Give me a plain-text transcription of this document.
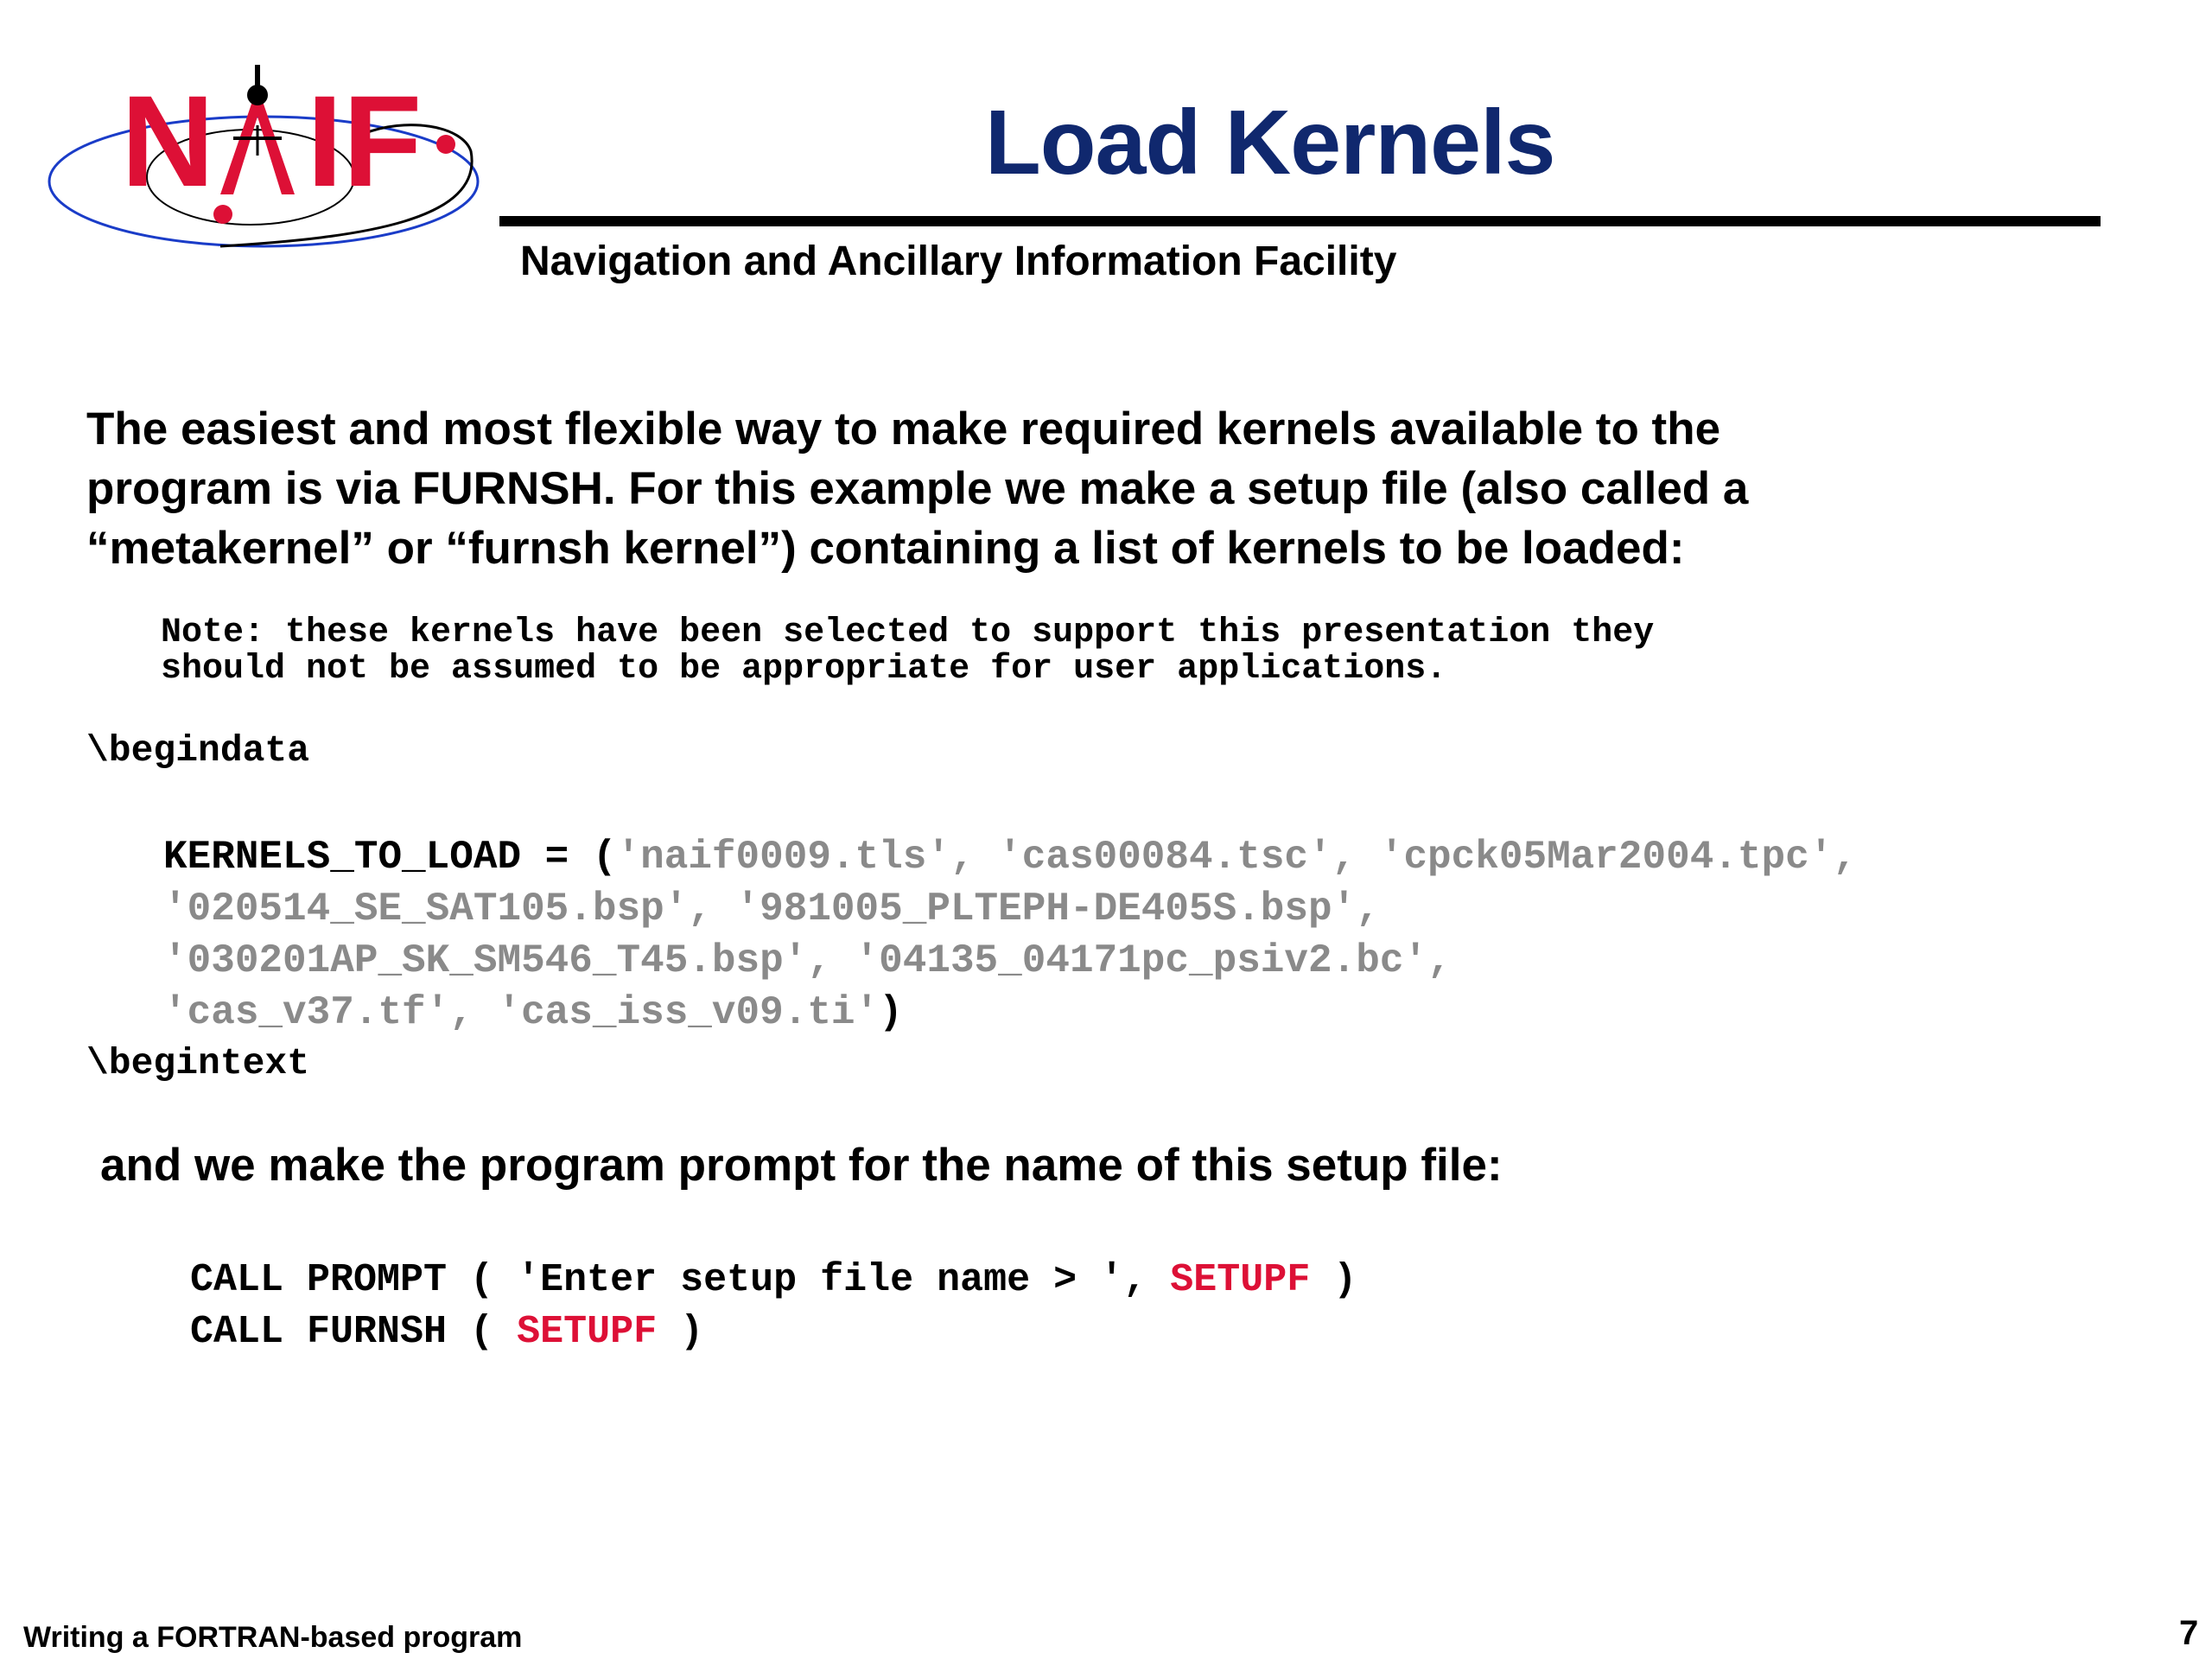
N IF	Load Kernels
Navigation and Ancillary Information Facility
The easiest and most flexible way to make required kernels available to the
program is via FURNSH. For this example we make a setup file (also called a
“metakernel” or “furnsh kernel”) containing a list of kernels to be loaded:
Note: these kernels have been selected to support this presentation they
should not be assumed to be appropriate for user applications.
\begindata
KERNELS_TO_LOAD = ('naif0009.tls', 'cas00084.tsc', 'cpck05Mar2004.tpc',
'020514_SE_SAT105.bsp', '981005_PLTEPH-DE405S.bsp',
'030201AP_SK_SM546_T45.bsp', '04135_04171pc_psiv2.bc',
'cas_v37.tf', 'cas_iss_v09.ti')
\begintext
and we make the program prompt for the name of this setup file:
CALL PROMPT ( 'Enter setup file name > ', SETUPF )
CALL FURNSH ( SETUPF )
Writing a FORTRAN-based program	7
